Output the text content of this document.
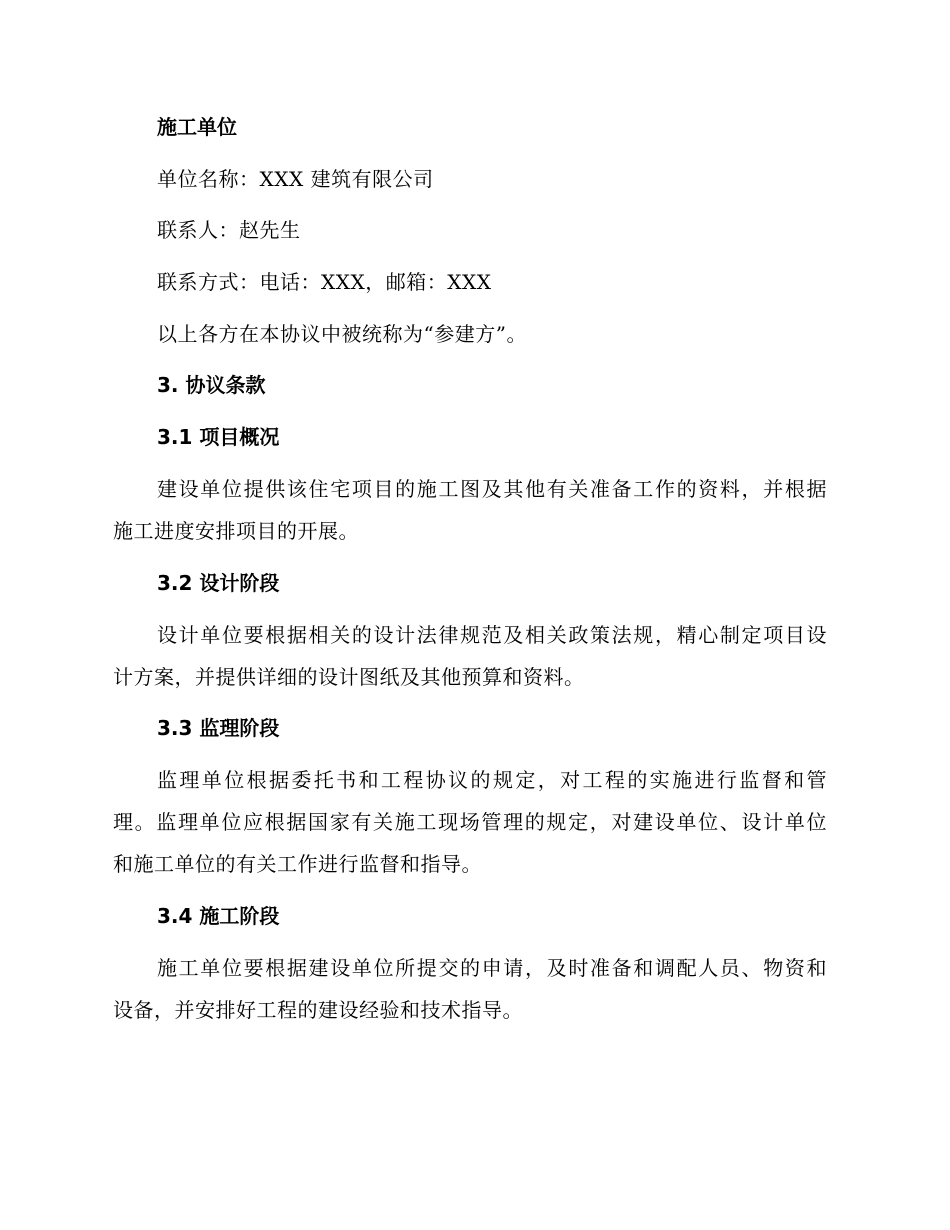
施工单位
单位名称：XXX 建筑有限公司
联系人：赵先生
联系方式：电话：XXX，邮箱：XXX
以上各方在本协议中被统称为“参建方”。
3. 协议条款
3.1 项目概况
建设单位提供该住宅项目的施工图及其他有关准备工作的资料，并根据
施工进度安排项目的开展。
3.2 设计阶段
设计单位要根据相关的设计法律规范及相关政策法规，精心制定项目设
计方案，并提供详细的设计图纸及其他预算和资料。
3.3 监理阶段
监理单位根据委托书和工程协议的规定，对工程的实施进行监督和管
理。监理单位应根据国家有关施工现场管理的规定，对建设单位、设计单位
和施工单位的有关工作进行监督和指导。
3.4 施工阶段
施工单位要根据建设单位所提交的申请，及时准备和调配人员、物资和
设备，并安排好工程的建设经验和技术指导。
